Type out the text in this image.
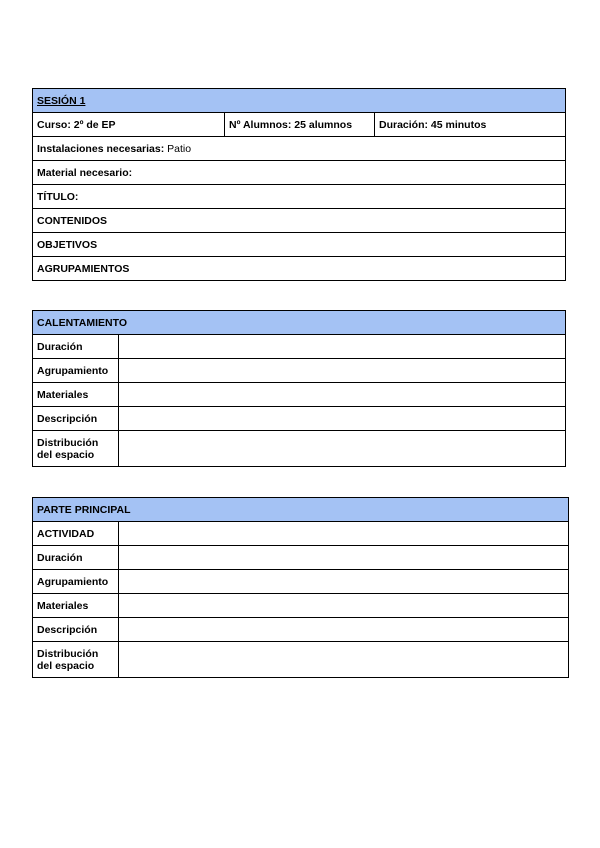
SESIÓN 1
Curso: 2º de EP	Nº Alumnos: 25 alumnos	Duración: 45 minutos
Instalaciones necesarias: Patio
Material necesario:
TÍTULO:
CONTENIDOS
OBJETIVOS
AGRUPAMIENTOS
CALENTAMIENTO	
Duración	
Agrupamiento	
Materiales	
Descripción	
Distribución
del espacio	
PARTE PRINCIPAL	
ACTIVIDAD	
Duración	
Agrupamiento	
Materiales	
Descripción	
Distribución
del espacio	
